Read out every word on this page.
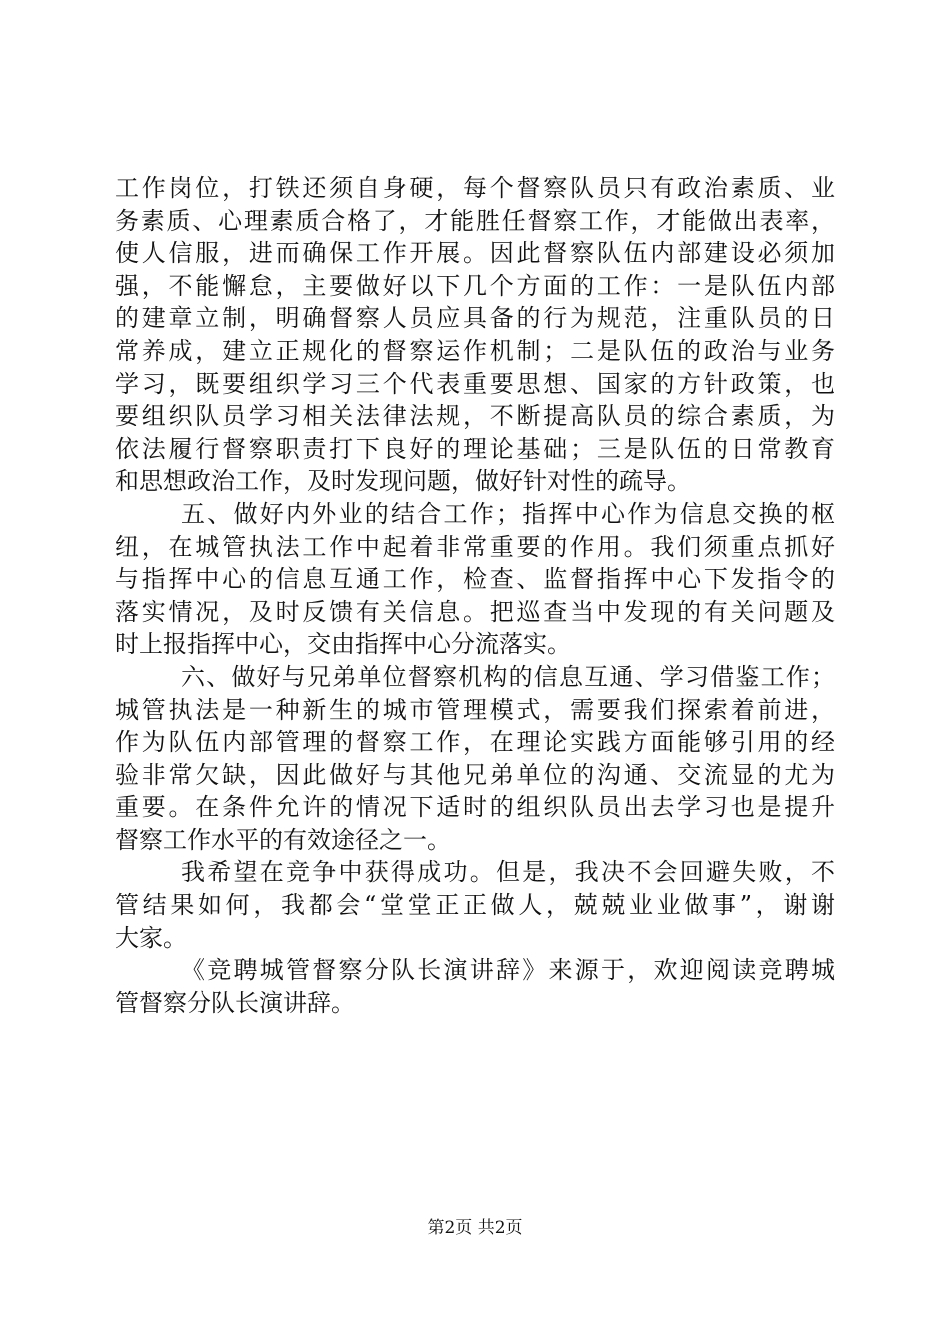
工作岗位，打铁还须自身硬，每个督察队员只有政治素质、业
务素质、心理素质合格了，才能胜任督察工作，才能做出表率，
使人信服，进而确保工作开展。因此督察队伍内部建设必须加
强，不能懈怠，主要做好以下几个方面的工作：一是队伍内部
的建章立制，明确督察人员应具备的行为规范，注重队员的日
常养成，建立正规化的督察运作机制；二是队伍的政治与业务
学习，既要组织学习三个代表重要思想、国家的方针政策，也
要组织队员学习相关法律法规，不断提高队员的综合素质，为
依法履行督察职责打下良好的理论基础；三是队伍的日常教育
和思想政治工作，及时发现问题，做好针对性的疏导。
五、做好内外业的结合工作；指挥中心作为信息交换的枢
纽，在城管执法工作中起着非常重要的作用。我们须重点抓好
与指挥中心的信息互通工作，检查、监督指挥中心下发指令的
落实情况，及时反馈有关信息。把巡查当中发现的有关问题及
时上报指挥中心，交由指挥中心分流落实。
六、做好与兄弟单位督察机构的信息互通、学习借鉴工作；
城管执法是一种新生的城市管理模式，需要我们探索着前进，
作为队伍内部管理的督察工作，在理论实践方面能够引用的经
验非常欠缺，因此做好与其他兄弟单位的沟通、交流显的尤为
重要。在条件允许的情况下适时的组织队员出去学习也是提升
督察工作水平的有效途径之一。
我希望在竞争中获得成功。但是，我决不会回避失败，不
管结果如何，我都会“堂堂正正做人，兢兢业业做事”，谢谢
大家。
《竞聘城管督察分队长演讲辞》来源于，欢迎阅读竞聘城
管督察分队长演讲辞。
第2页 共2页
